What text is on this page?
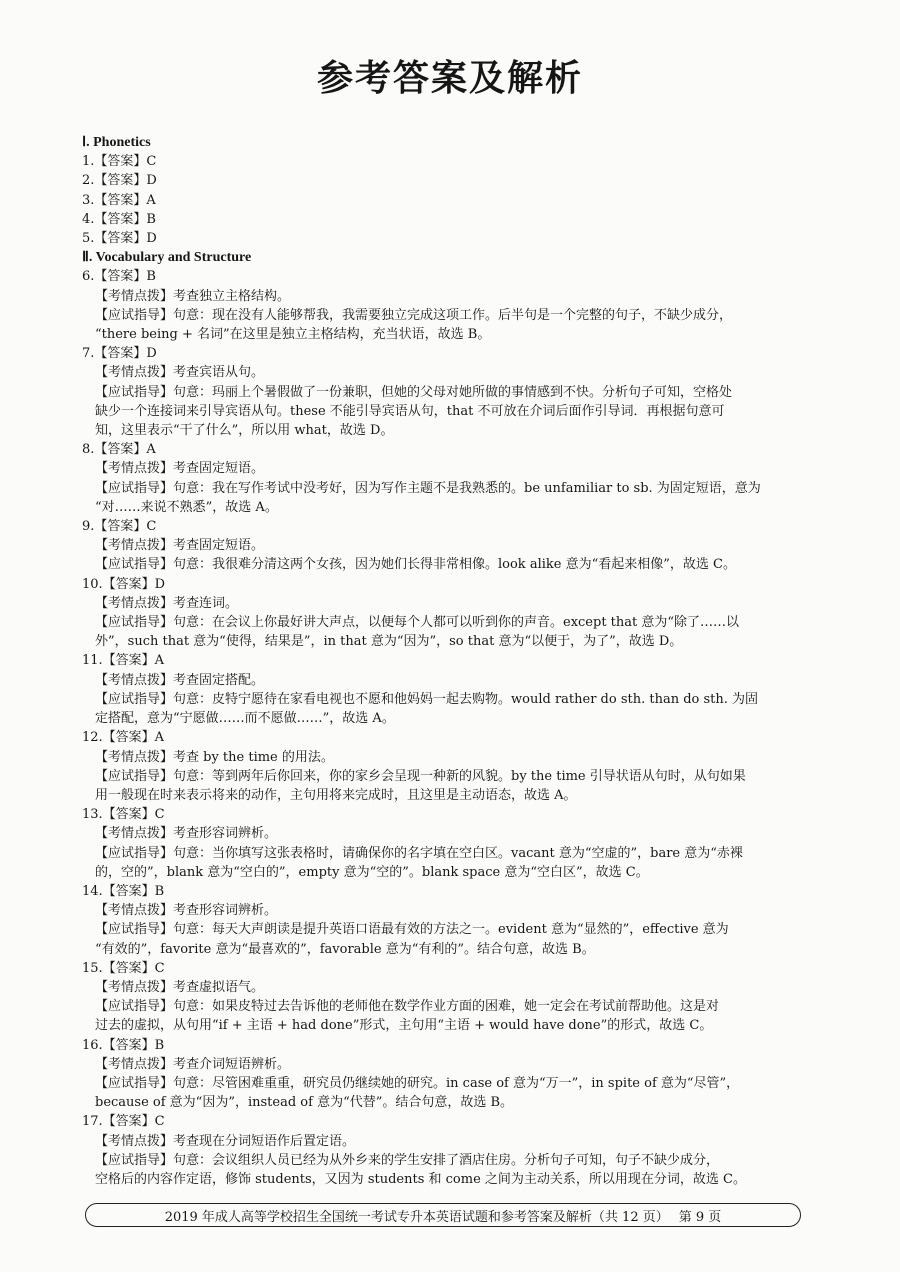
参考答案及解析
Ⅰ. Phonetics
1.【答案】C
2.【答案】D
3.【答案】A
4.【答案】B
5.【答案】D
Ⅱ. Vocabulary and Structure
6.【答案】B
【考情点拨】考查独立主格结构。
【应试指导】句意：现在没有人能够帮我，我需要独立完成这项工作。后半句是一个完整的句子，不缺少成分，
“there being + 名词”在这里是独立主格结构，充当状语，故选 B。
7.【答案】D
【考情点拨】考查宾语从句。
【应试指导】句意：玛丽上个暑假做了一份兼职，但她的父母对她所做的事情感到不快。分析句子可知，空格处
缺少一个连接词来引导宾语从句。these 不能引导宾语从句，that 不可放在介词后面作引导词．再根据句意可
知，这里表示“干了什么”，所以用 what，故选 D。
8.【答案】A
【考情点拨】考查固定短语。
【应试指导】句意：我在写作考试中没考好，因为写作主题不是我熟悉的。be unfamiliar to sb. 为固定短语，意为
“对……来说不熟悉”，故选 A。
9.【答案】C
【考情点拨】考查固定短语。
【应试指导】句意：我很难分清这两个女孩，因为她们长得非常相像。look alike 意为“看起来相像”，故选 C。
10.【答案】D
【考情点拨】考查连词。
【应试指导】句意：在会议上你最好讲大声点，以便每个人都可以听到你的声音。except that 意为“除了……以
外”，such that 意为“使得，结果是”，in that 意为“因为”，so that 意为“以便于，为了”，故选 D。
11.【答案】A
【考情点拨】考查固定搭配。
【应试指导】句意：皮特宁愿待在家看电视也不愿和他妈妈一起去购物。would rather do sth. than do sth. 为固
定搭配，意为“宁愿做……而不愿做……”，故选 A。
12.【答案】A
【考情点拨】考查 by the time 的用法。
【应试指导】句意：等到两年后你回来，你的家乡会呈现一种新的风貌。by the time 引导状语从句时，从句如果
用一般现在时来表示将来的动作，主句用将来完成时，且这里是主动语态，故选 A。
13.【答案】C
【考情点拨】考查形容词辨析。
【应试指导】句意：当你填写这张表格时，请确保你的名字填在空白区。vacant 意为“空虚的”，bare 意为“赤裸
的，空的”，blank 意为“空白的”，empty 意为“空的”。blank space 意为“空白区”，故选 C。
14.【答案】B
【考情点拨】考查形容词辨析。
【应试指导】句意：每天大声朗读是提升英语口语最有效的方法之一。evident 意为“显然的”，effective 意为
“有效的”，favorite 意为“最喜欢的”，favorable 意为“有利的”。结合句意，故选 B。
15.【答案】C
【考情点拨】考查虚拟语气。
【应试指导】句意：如果皮特过去告诉他的老师他在数学作业方面的困难，她一定会在考试前帮助他。这是对
过去的虚拟，从句用“if + 主语 + had done”形式，主句用“主语 + would have done”的形式，故选 C。
16.【答案】B
【考情点拨】考查介词短语辨析。
【应试指导】句意：尽管困难重重，研究员仍继续她的研究。in case of 意为“万一”，in spite of 意为“尽管”，
because of 意为“因为”，instead of 意为“代替”。结合句意，故选 B。
17.【答案】C
【考情点拨】考查现在分词短语作后置定语。
【应试指导】句意：会议组织人员已经为从外乡来的学生安排了酒店住房。分析句子可知，句子不缺少成分，
空格后的内容作定语，修饰 students，又因为 students 和 come 之间为主动关系，所以用现在分词，故选 C。
2019 年成人高等学校招生全国统一考试专升本英语试题和参考答案及解析（共 12 页） 第 9 页
